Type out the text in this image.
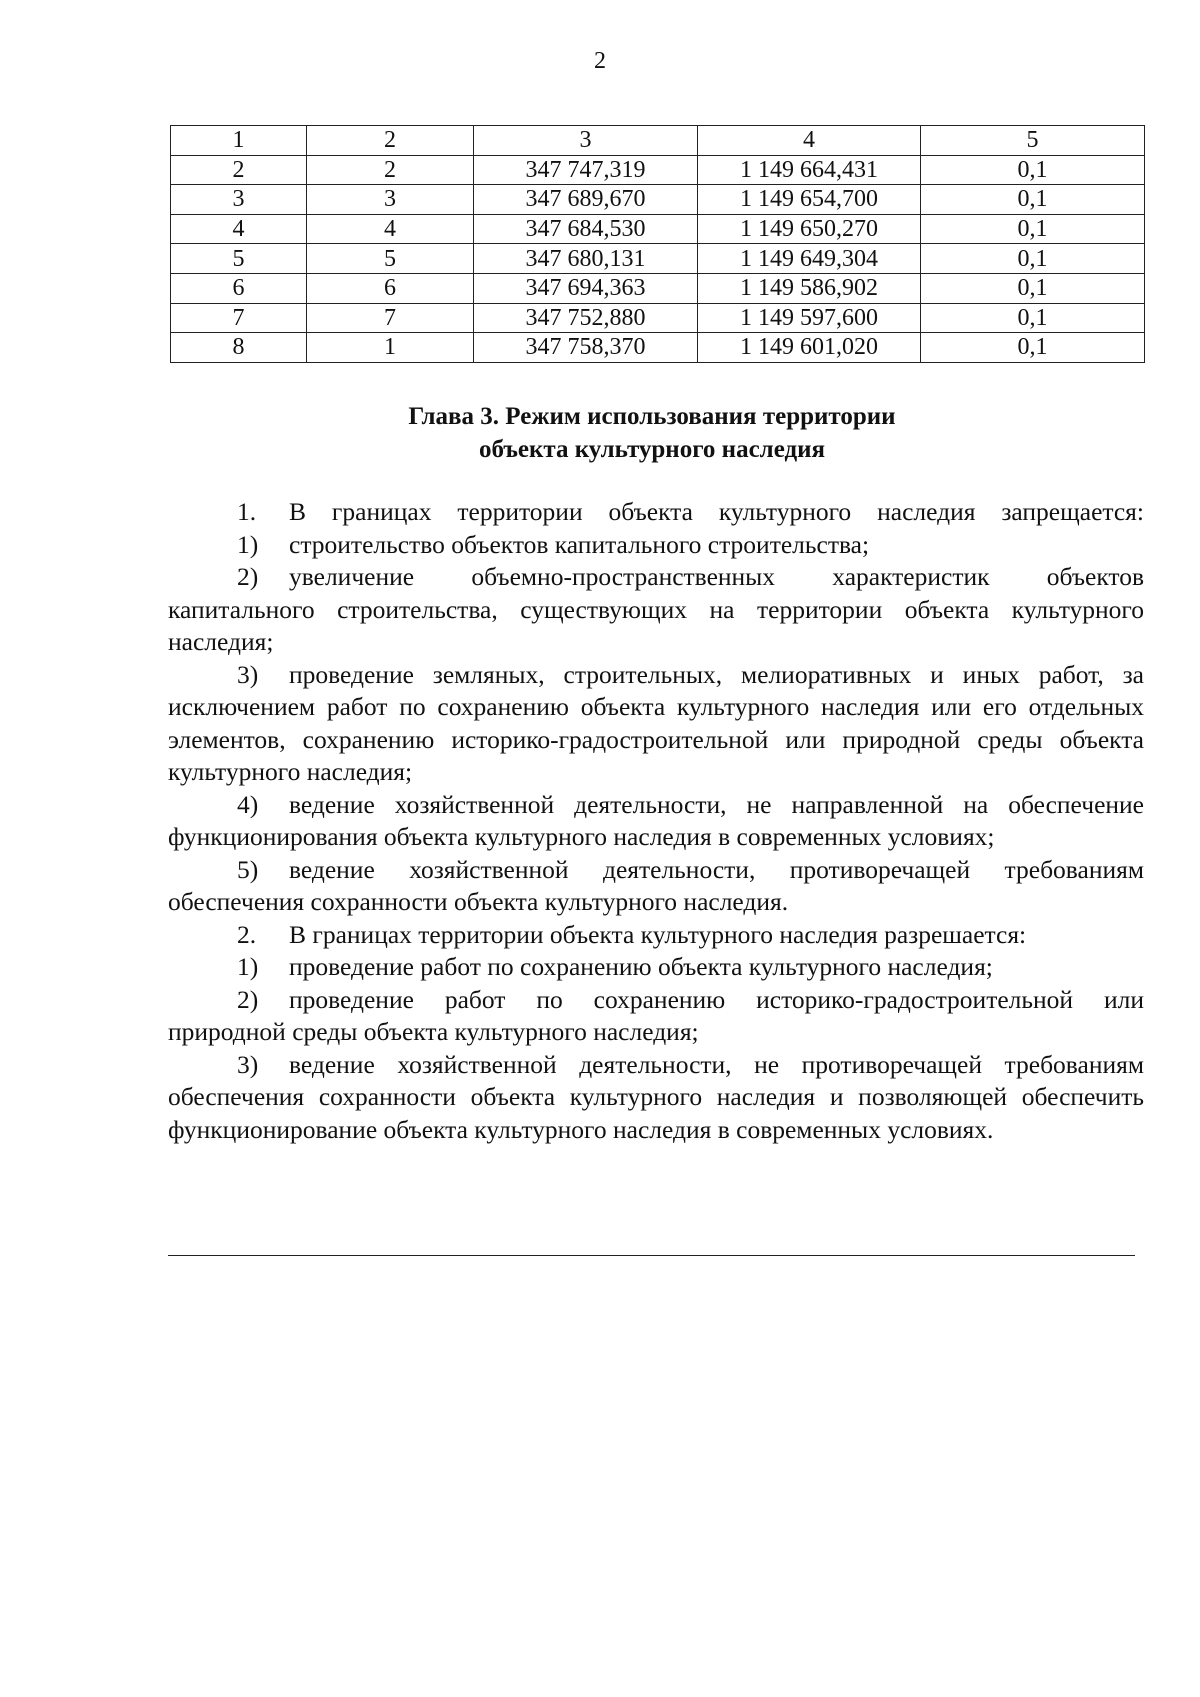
2
1	2	3	4	5
2	2	347 747,319	1 149 664,431	0,1
3	3	347 689,670	1 149 654,700	0,1
4	4	347 684,530	1 149 650,270	0,1
5	5	347 680,131	1 149 649,304	0,1
6	6	347 694,363	1 149 586,902	0,1
7	7	347 752,880	1 149 597,600	0,1
8	1	347 758,370	1 149 601,020	0,1
Глава 3. Режим использования территории
объекта культурного наследия

1. В границах территории объекта культурного наследия запрещается:

1) строительство объектов капитального строительства;

2) увеличение объемно-пространственных характеристик объектов капитального строительства, существующих на территории объекта культурного наследия;

3) проведение земляных, строительных, мелиоративных и иных работ, за исключением работ по сохранению объекта культурного наследия или его отдельных элементов, сохранению историко-градостроительной или природной среды объекта культурного наследия;

4) ведение хозяйственной деятельности, не направленной на обеспечение функционирования объекта культурного наследия в современных условиях;

5) ведение хозяйственной деятельности, противоречащей требованиям обеспечения сохранности объекта культурного наследия.

2. В границах территории объекта культурного наследия разрешается:

1) проведение работ по сохранению объекта культурного наследия;

2) проведение работ по сохранению историко-градостроительной или природной среды объекта культурного наследия;

3) ведение хозяйственной деятельности, не противоречащей требованиям обеспечения сохранности объекта культурного наследия и позволяющей обеспечить функционирование объекта культурного наследия в современных условиях.
